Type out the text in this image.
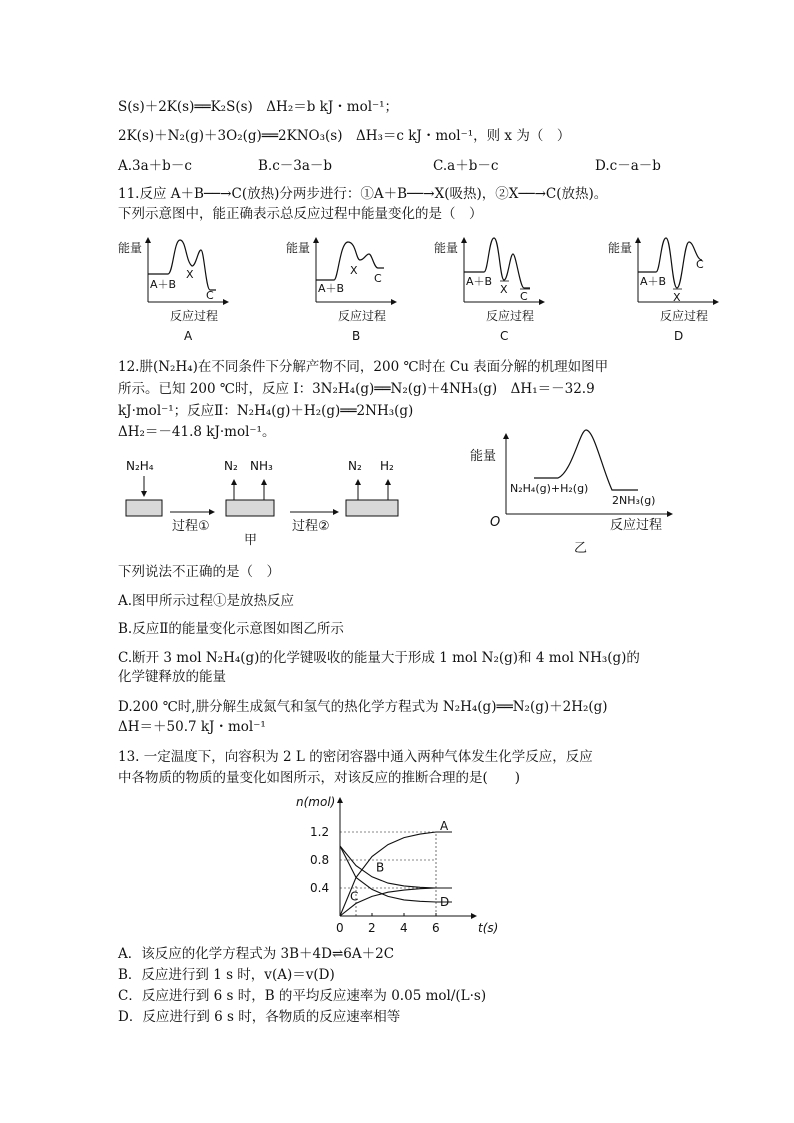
S(s)＋2K(s)══K₂S(s)　ΔH₂＝b kJ・mol⁻¹；
2K(s)＋N₂(g)＋3O₂(g)══2KNO₃(s)　ΔH₃＝c kJ・mol⁻¹，则 x 为（　）
A.3a＋b－c	B.c－3a－b	C.a＋b－c	D.c－a－b
11.反应 A＋B──→C(放热)分两步进行：①A＋B──→X(吸热)，②X──→C(放热)。
下列示意图中，能正确表示总反应过程中能量变化的是（　）
能量
A＋B
X
C
反应过程
A
能量
A＋B
X
C
反应过程
B
能量
A＋B
X
C
反应过程
C
能量
A＋B
X
C
反应过程
D
12.肼(N₂H₄)在不同条件下分解产物不同，200 ℃时在 Cu 表面分解的机理如图甲
所示。已知 200 ℃时，反应 Ⅰ：3N₂H₄(g)══N₂(g)＋4NH₃(g)　ΔH₁＝－32.9
kJ·mol⁻¹；反应Ⅱ：N₂H₄(g)＋H₂(g)══2NH₃(g)
ΔH₂＝－41.8 kJ·mol⁻¹。
N₂H₄
过程①
N₂ NH₃
过程②
N₂ H₂
甲
能量
O
N₂H₄(g)+H₂(g)
2NH₃(g)
反应过程
乙
下列说法不正确的是（　）
A.图甲所示过程①是放热反应
B.反应Ⅱ的能量变化示意图如图乙所示
C.断开 3 mol N₂H₄(g)的化学键吸收的能量大于形成 1 mol N₂(g)和 4 mol NH₃(g)的
化学键释放的能量
D.200 ℃时,肼分解生成氮气和氢气的热化学方程式为 N₂H₄(g)══N₂(g)＋2H₂(g)
ΔH＝＋50.7 kJ・mol⁻¹
13. 一定温度下，向容积为 2 L 的密闭容器中通入两种气体发生化学反应，反应
中各物质的物质的量变化如图所示，对该反应的推断合理的是(　　)
n(mol)
t(s)
0.4
0.8
1.2
0 2 4 6
A
B
C	D
A．该反应的化学方程式为 3B＋4D⇌6A＋2C
B．反应进行到 1 s 时，v(A)＝v(D)
C．反应进行到 6 s 时，B 的平均反应速率为 0.05 mol/(L·s)
D．反应进行到 6 s 时，各物质的反应速率相等
